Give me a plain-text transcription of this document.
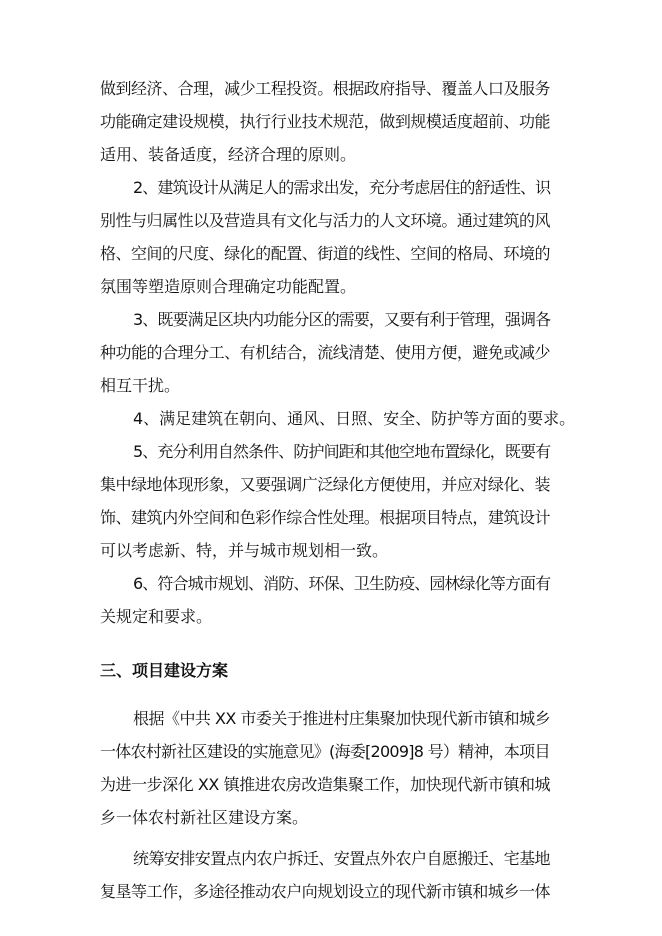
做到经济、合理，减少工程投资。根据政府指导、覆盖人口及服务
功能确定建设规模，执行行业技术规范，做到规模适度超前、功能
适用、装备适度，经济合理的原则。
2、建筑设计从满足人的需求出发，充分考虑居住的舒适性、识
别性与归属性以及营造具有文化与活力的人文环境。通过建筑的风
格、空间的尺度、绿化的配置、街道的线性、空间的格局、环境的
氛围等塑造原则合理确定功能配置。
3、既要满足区块内功能分区的需要，又要有利于管理，强调各
种功能的合理分工、有机结合，流线清楚、使用方便，避免或减少
相互干扰。
4、满足建筑在朝向、通风、日照、安全、防护等方面的要求。
5、充分利用自然条件、防护间距和其他空地布置绿化，既要有
集中绿地体现形象，又要强调广泛绿化方便使用，并应对绿化、装
饰、建筑内外空间和色彩作综合性处理。根据项目特点，建筑设计
可以考虑新、特，并与城市规划相一致。
6、符合城市规划、消防、环保、卫生防疫、园林绿化等方面有
关规定和要求。
三、项目建设方案
根据《中共 XX 市委关于推进村庄集聚加快现代新市镇和城乡
一体农村新社区建设的实施意见》(海委[2009]8 号）精神，本项目
为进一步深化 XX 镇推进农房改造集聚工作，加快现代新市镇和城
乡一体农村新社区建设方案。
统筹安排安置点内农户拆迁、安置点外农户自愿搬迁、宅基地
复垦等工作，多途径推动农户向规划设立的现代新市镇和城乡一体
